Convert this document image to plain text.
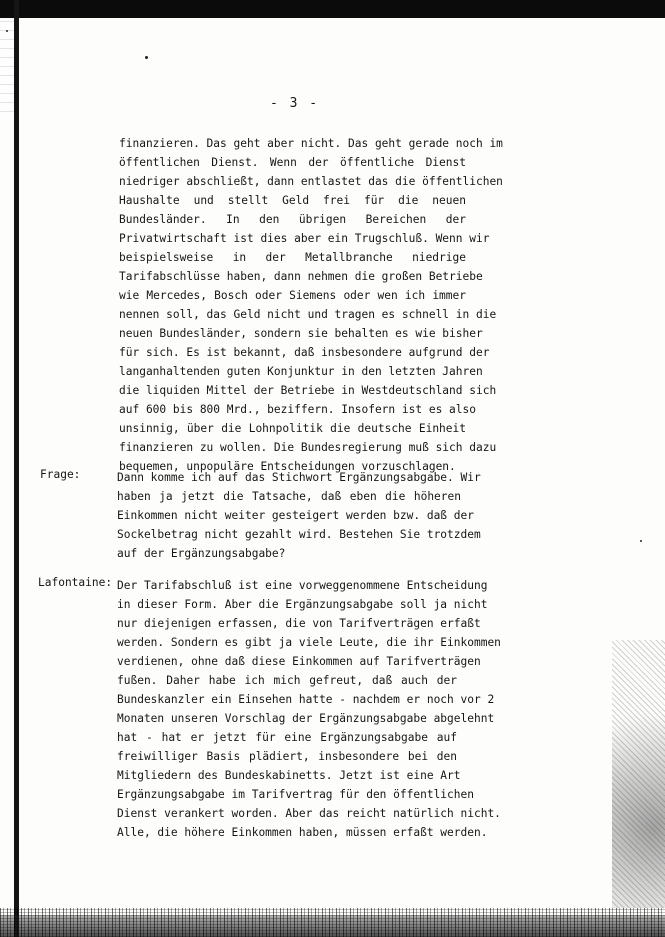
- 3 -
finanzieren. Das geht aber nicht. Das geht gerade noch im
öffentlichen Dienst. Wenn der öffentliche Dienst
niedriger abschließt, dann entlastet das die öffentlichen
Haushalte und stellt Geld frei für die neuen
Bundesländer. In den übrigen Bereichen der
Privatwirtschaft ist dies aber ein Trugschluß. Wenn wir
beispielsweise in der Metallbranche niedrige
Tarifabschlüsse haben, dann nehmen die großen Betriebe
wie Mercedes, Bosch oder Siemens oder wen ich immer
nennen soll, das Geld nicht und tragen es schnell in die
neuen Bundesländer, sondern sie behalten es wie bisher
für sich. Es ist bekannt, daß insbesondere aufgrund der
langanhaltenden guten Konjunktur in den letzten Jahren
die liquiden Mittel der Betriebe in Westdeutschland sich
auf 600 bis 800 Mrd., beziffern. Insofern ist es also
unsinnig, über die Lohnpolitik die deutsche Einheit
finanzieren zu wollen. Die Bundesregierung muß sich dazu
bequemen, unpopuläre Entscheidungen vorzuschlagen.
Frage:	Dann komme ich auf das Stichwort Ergänzungsabgabe. Wir
haben ja jetzt die Tatsache, daß eben die höheren
Einkommen nicht weiter gesteigert werden bzw. daß der
Sockelbetrag nicht gezahlt wird. Bestehen Sie trotzdem
auf der Ergänzungsabgabe?
Lafontaine: Der Tarifabschluß ist eine vorweggenommene Entscheidung
in dieser Form. Aber die Ergänzungsabgabe soll ja nicht
nur diejenigen erfassen, die von Tarifverträgen erfaßt
werden. Sondern es gibt ja viele Leute, die ihr Einkommen
verdienen, ohne daß diese Einkommen auf Tarifverträgen
fußen. Daher habe ich mich gefreut, daß auch der
Bundeskanzler ein Einsehen hatte - nachdem er noch vor 2
Monaten unseren Vorschlag der Ergänzungsabgabe abgelehnt
hat - hat er jetzt für eine Ergänzungsabgabe auf
freiwilliger Basis plädiert, insbesondere bei den
Mitgliedern des Bundeskabinetts. Jetzt ist eine Art
Ergänzungsabgabe im Tarifvertrag für den öffentlichen
Dienst verankert worden. Aber das reicht natürlich nicht.
Alle, die höhere Einkommen haben, müssen erfaßt werden.
